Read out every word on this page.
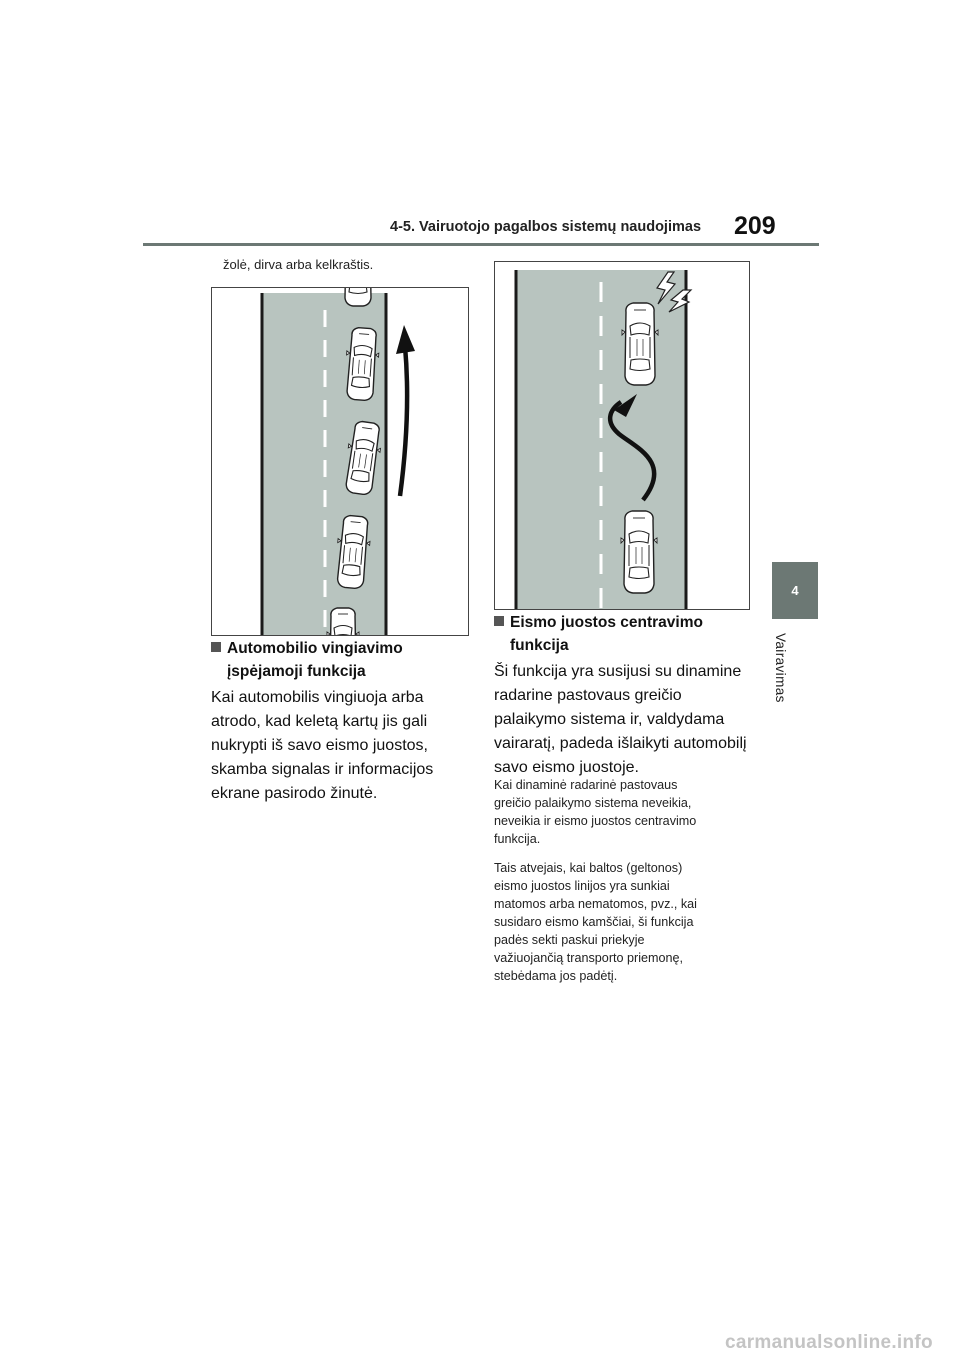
4-5. Vairuotojo pagalbos sistemų naudojimas 209
4
Vairavimas
žolė, dirva arba kelkraštis.
Automobilio vingiavimo
įspėjamoji funkcija
Kai automobilis vingiuoja arba
atrodo, kad keletą kartų jis gali
nukrypti iš savo eismo juostos,
skamba signalas ir informacijos
ekrane pasirodo žinutė.
Eismo juostos centravimo
funkcija
Ši funkcija yra susijusi su dinamine
radarine pastovaus greičio
palaikymo sistema ir, valdydama
vairaratį, padeda išlaikyti automobilį
savo eismo juostoje.
Kai dinaminė radarinė pastovaus
greičio palaikymo sistema neveikia,
neveikia ir eismo juostos centravimo
funkcija.
Tais atvejais, kai baltos (geltonos)
eismo juostos linijos yra sunkiai
matomos arba nematomos, pvz., kai
susidaro eismo kamščiai, ši funkcija
padės sekti paskui priekyje
važiuojančią transporto priemonę,
stebėdama jos padėtį.
carmanualsonline.info
